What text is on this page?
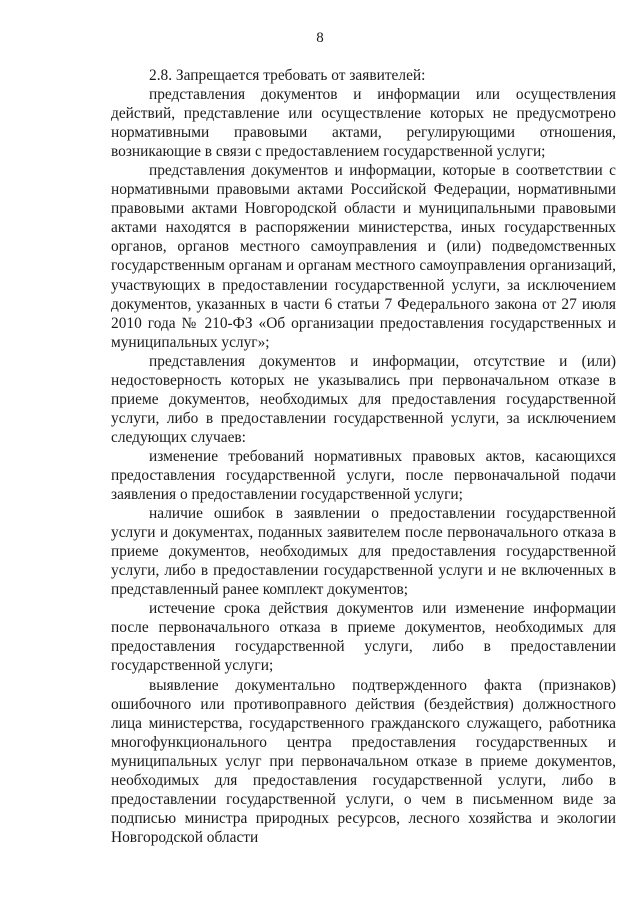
8

2.8. Запрещается требовать от заявителей:

представления документов и информации или осуществления действий, представление или осуществление которых не предусмотрено нормативными правовыми актами, регулирующими отношения, возникающие в связи с предоставлением государственной услуги;

представления документов и информации, которые в соответствии с нормативными правовыми актами Российской Федерации, нормативными правовыми актами Новгородской области и муниципальными правовыми актами находятся в распоряжении министерства, иных государственных органов, органов местного самоуправления и (или) подведомственных государственным органам и органам местного самоуправления организаций, участвующих в предоставлении государственной услуги, за исключением документов, указанных в части 6 статьи 7 Федерального закона от 27 июля 2010 года № 210-ФЗ «Об организации предоставления государственных и муниципальных услуг»;

представления документов и информации, отсутствие и (или) недостоверность которых не указывались при первоначальном отказе в приеме документов, необходимых для предоставления государственной услуги, либо в предоставлении государственной услуги, за исключением следующих случаев:

изменение требований нормативных правовых актов, касающихся предоставления государственной услуги, после первоначальной подачи заявления о предоставлении государственной услуги;

наличие ошибок в заявлении о предоставлении государственной услуги и документах, поданных заявителем после первоначального отказа в приеме документов, необходимых для предоставления государственной услуги, либо в предоставлении государственной услуги и не включенных в представленный ранее комплект документов;

истечение срока действия документов или изменение информации после первоначального отказа в приеме документов, необходимых для предоставления государственной услуги, либо в предоставлении государственной услуги;

выявление документально подтвержденного факта (признаков) ошибочного или противоправного действия (бездействия) должностного лица министерства, государственного гражданского служащего, работника многофункционального центра предоставления государственных и муниципальных услуг при первоначальном отказе в приеме документов, необходимых для предоставления государственной услуги, либо в предоставлении государственной услуги, о чем в письменном виде за подписью министра природных ресурсов, лесного хозяйства и экологии Новгородской области
